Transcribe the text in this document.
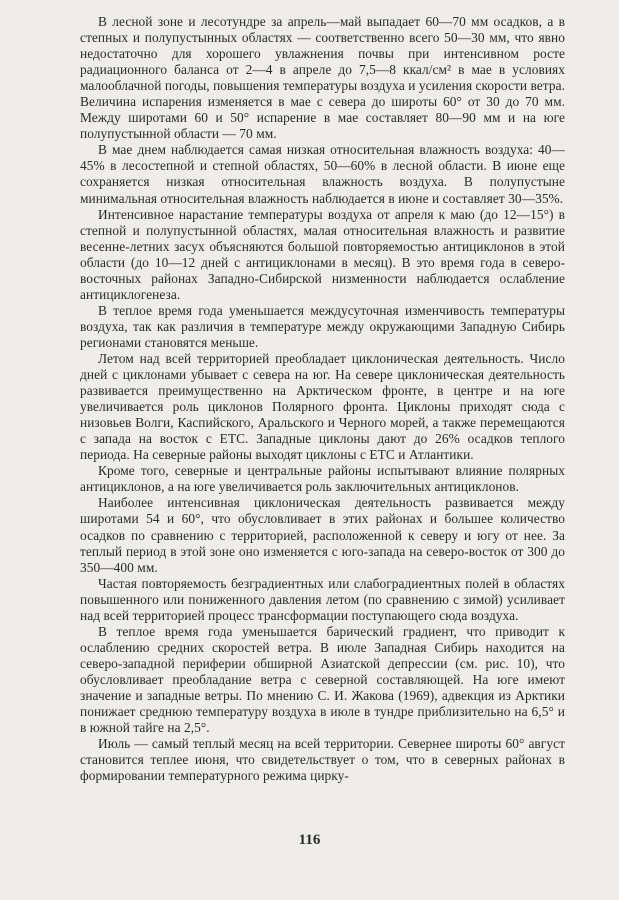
В лесной зоне и лесотундре за апрель—май выпадает 60—70 мм осадков, а в степных и полупустынных областях — соответственно всего 50—30 мм, что явно недостаточно для хорошего увлажнения почвы при интенсивном росте радиационного баланса от 2—4 в апреле до 7,5—8 ккал/см² в мае в условиях малооблачной погоды, повышения температуры воздуха и усиления скорости ветра. Величина испарения изменяется в мае с севера до широты 60° от 30 до 70 мм. Между широтами 60 и 50° испарение в мае составляет 80—90 мм и на юге полупустынной области — 70 мм.

В мае днем наблюдается самая низкая относительная влажность воздуха: 40—45% в лесостепной и степной областях, 50—60% в лесной области. В июне еще сохраняется низкая относительная влажность воздуха. В полупустыне минимальная относительная влажность наблюдается в июне и составляет 30—35%.

Интенсивное нарастание температуры воздуха от апреля к маю (до 12—15°) в степной и полупустынной областях, малая относительная влажность и развитие весенне-летних засух объясняются большой повторяемостью антициклонов в этой области (до 10—12 дней с антициклонами в месяц). В это время года в северо-восточных районах Западно-Сибирской низменности наблюдается ослабление антициклогенеза.

В теплое время года уменьшается междусуточная изменчивость температуры воздуха, так как различия в температуре между окружающими Западную Сибирь регионами становятся меньше.

Летом над всей территорией преобладает циклоническая деятельность. Число дней с циклонами убывает с севера на юг. На севере циклоническая деятельность развивается преимущественно на Арктическом фронте, в центре и на юге увеличивается роль циклонов Полярного фронта. Циклоны приходят сюда с низовьев Волги, Каспийского, Аральского и Черного морей, а также перемещаются с запада на восток с ЕТС. Западные циклоны дают до 26% осадков теплого периода. На северные районы выходят циклоны с ЕТС и Атлантики.

Кроме того, северные и центральные районы испытывают влияние полярных антициклонов, а на юге увеличивается роль заключительных антициклонов.

Наиболее интенсивная циклоническая деятельность развивается между широтами 54 и 60°, что обусловливает в этих районах и большее количество осадков по сравнению с территорией, расположенной к северу и югу от нее. За теплый период в этой зоне оно изменяется с юго-запада на северо-восток от 300 до 350—400 мм.

Частая повторяемость безградиентных или слабоградиентных полей в областях повышенного или пониженного давления летом (по сравнению с зимой) усиливает над всей территорией процесс трансформации поступающего сюда воздуха.

В теплое время года уменьшается барический градиент, что приводит к ослаблению средних скоростей ветра. В июле Западная Сибирь находится на северо-западной периферии обширной Азиатской депрессии (см. рис. 10), что обусловливает преобладание ветра с северной составляющей. На юге имеют значение и западные ветры. По мнению С. И. Жакова (1969), адвекция из Арктики понижает среднюю температуру воздуха в июле в тундре приблизительно на 6,5° и в южной тайге на 2,5°.

Июль — самый теплый месяц на всей территории. Севернее широты 60° август становится теплее июня, что свидетельствует о том, что в северных районах в формировании температурного режима цирку-

116
